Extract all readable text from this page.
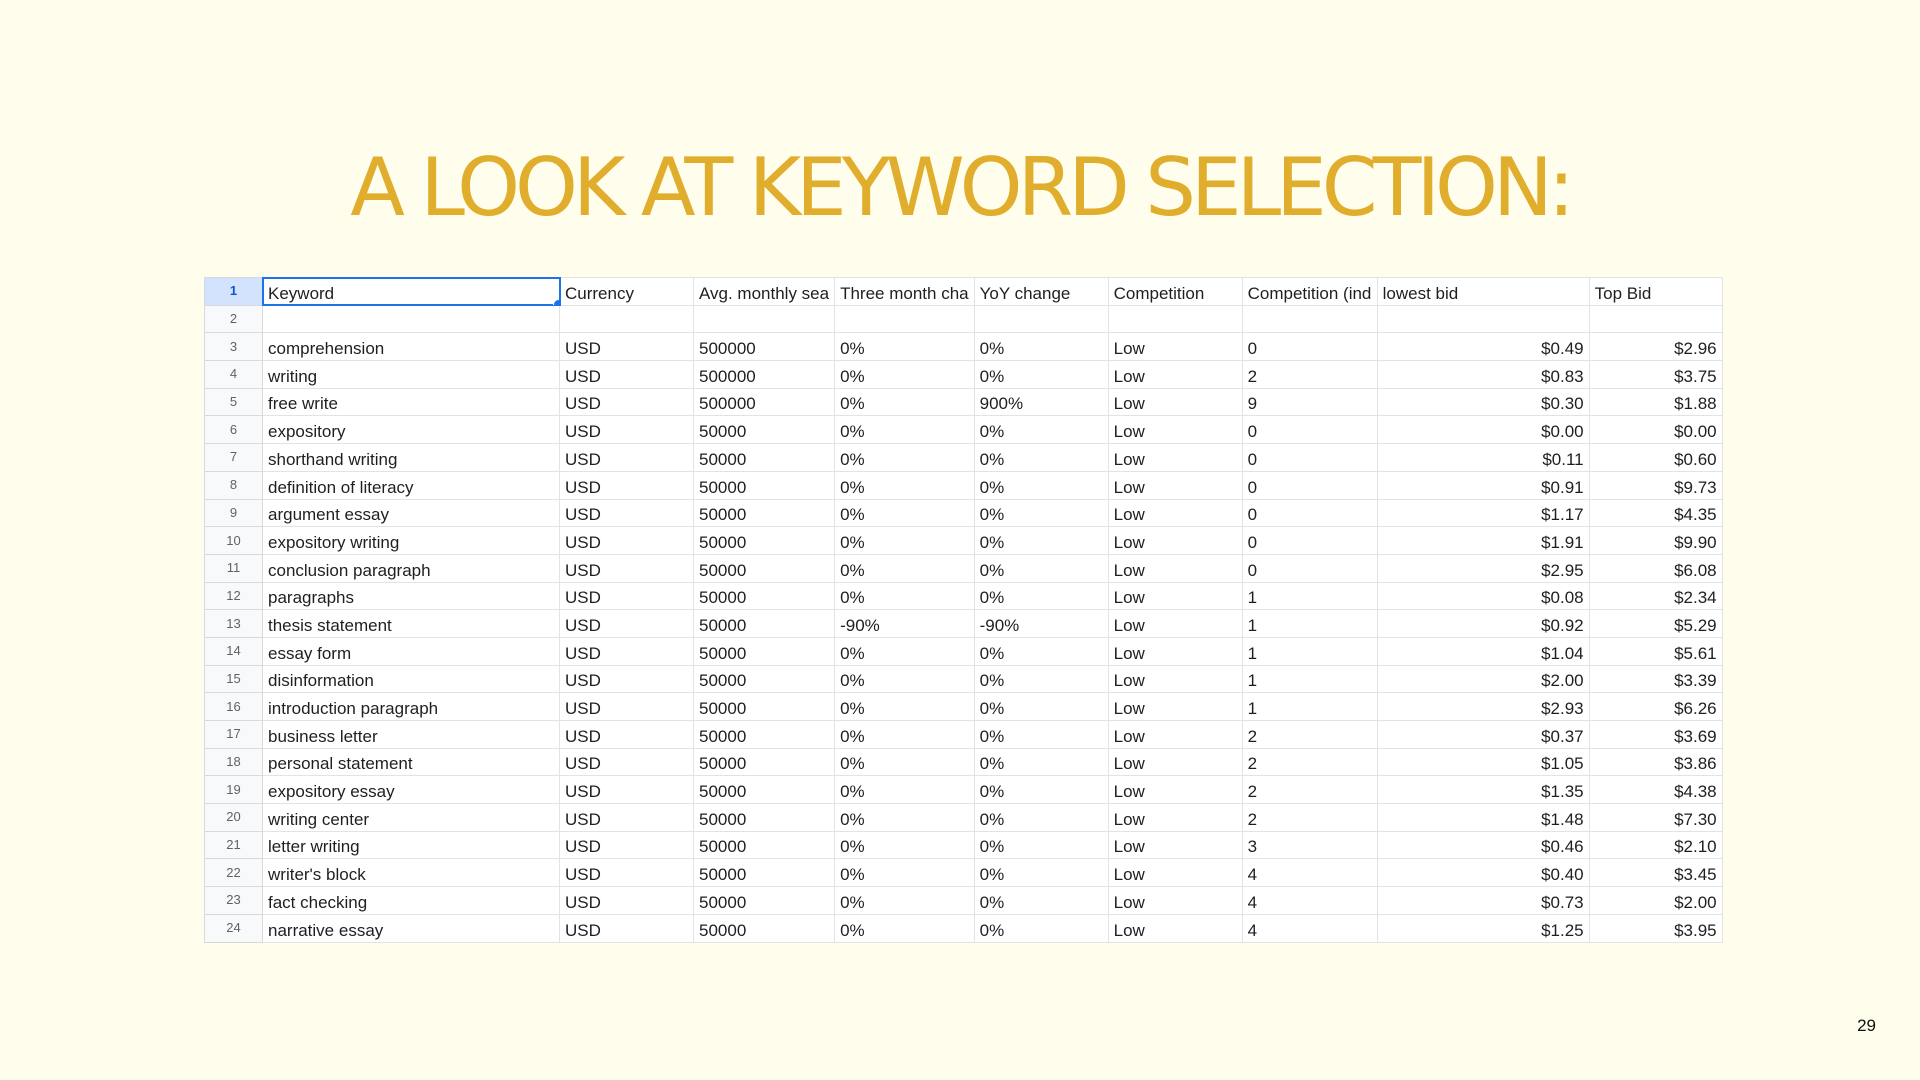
A LOOK AT KEYWORD SELECTION:
1	Keyword	Currency	Avg. monthly sea	Three month cha	YoY change	Competition	Competition (ind	lowest bid	Top Bid
2									
3	comprehension	USD	500000	0%	0%	Low	0	$0.49	$2.96
4	writing	USD	500000	0%	0%	Low	2	$0.83	$3.75
5	free write	USD	500000	0%	900%	Low	9	$0.30	$1.88
6	expository	USD	50000	0%	0%	Low	0	$0.00	$0.00
7	shorthand writing	USD	50000	0%	0%	Low	0	$0.11	$0.60
8	definition of literacy	USD	50000	0%	0%	Low	0	$0.91	$9.73
9	argument essay	USD	50000	0%	0%	Low	0	$1.17	$4.35
10	expository writing	USD	50000	0%	0%	Low	0	$1.91	$9.90
11	conclusion paragraph	USD	50000	0%	0%	Low	0	$2.95	$6.08
12	paragraphs	USD	50000	0%	0%	Low	1	$0.08	$2.34
13	thesis statement	USD	50000	-90%	-90%	Low	1	$0.92	$5.29
14	essay form	USD	50000	0%	0%	Low	1	$1.04	$5.61
15	disinformation	USD	50000	0%	0%	Low	1	$2.00	$3.39
16	introduction paragraph	USD	50000	0%	0%	Low	1	$2.93	$6.26
17	business letter	USD	50000	0%	0%	Low	2	$0.37	$3.69
18	personal statement	USD	50000	0%	0%	Low	2	$1.05	$3.86
19	expository essay	USD	50000	0%	0%	Low	2	$1.35	$4.38
20	writing center	USD	50000	0%	0%	Low	2	$1.48	$7.30
21	letter writing	USD	50000	0%	0%	Low	3	$0.46	$2.10
22	writer's block	USD	50000	0%	0%	Low	4	$0.40	$3.45
23	fact checking	USD	50000	0%	0%	Low	4	$0.73	$2.00
24	narrative essay	USD	50000	0%	0%	Low	4	$1.25	$3.95
29
